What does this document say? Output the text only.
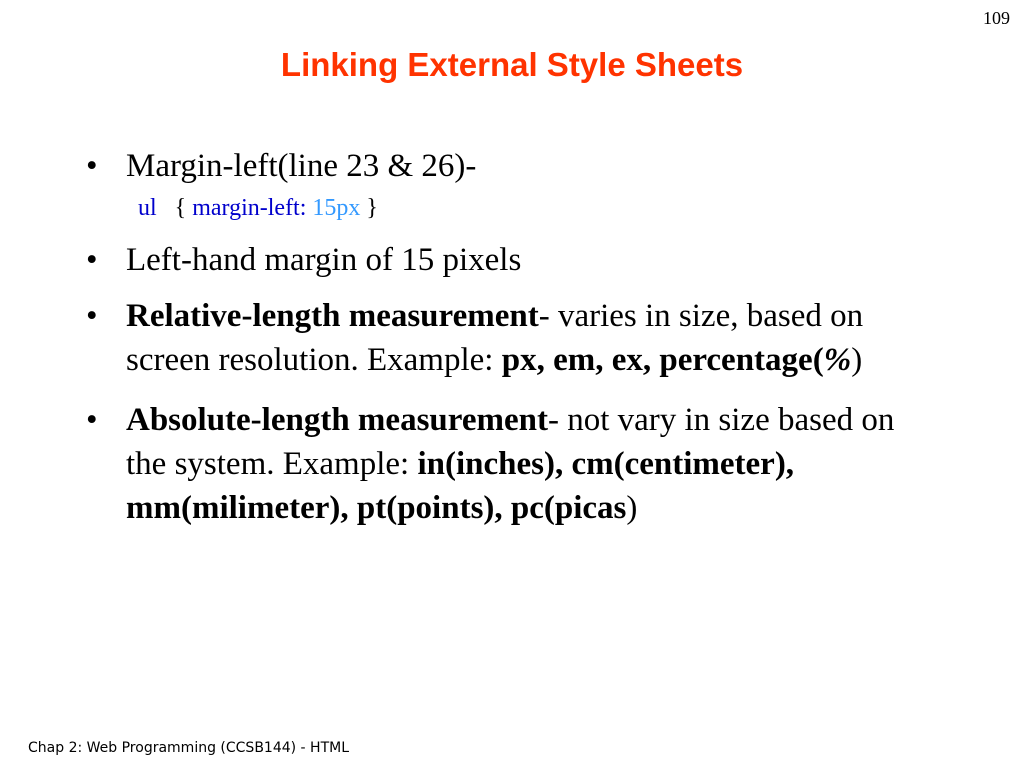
109
Linking External Style Sheets
• Margin-left(line 23 & 26)-
ul { margin-left: 15px }
• Left-hand margin of 15 pixels
• Relative-length measurement- varies in size, based on screen resolution. Example: px, em, ex, percentage(%)
• Absolute-length measurement- not vary in size based on the system. Example: in(inches), cm(centimeter), mm(milimeter), pt(points), pc(picas)
Chap 2: Web Programming (CCSB144) - HTML
